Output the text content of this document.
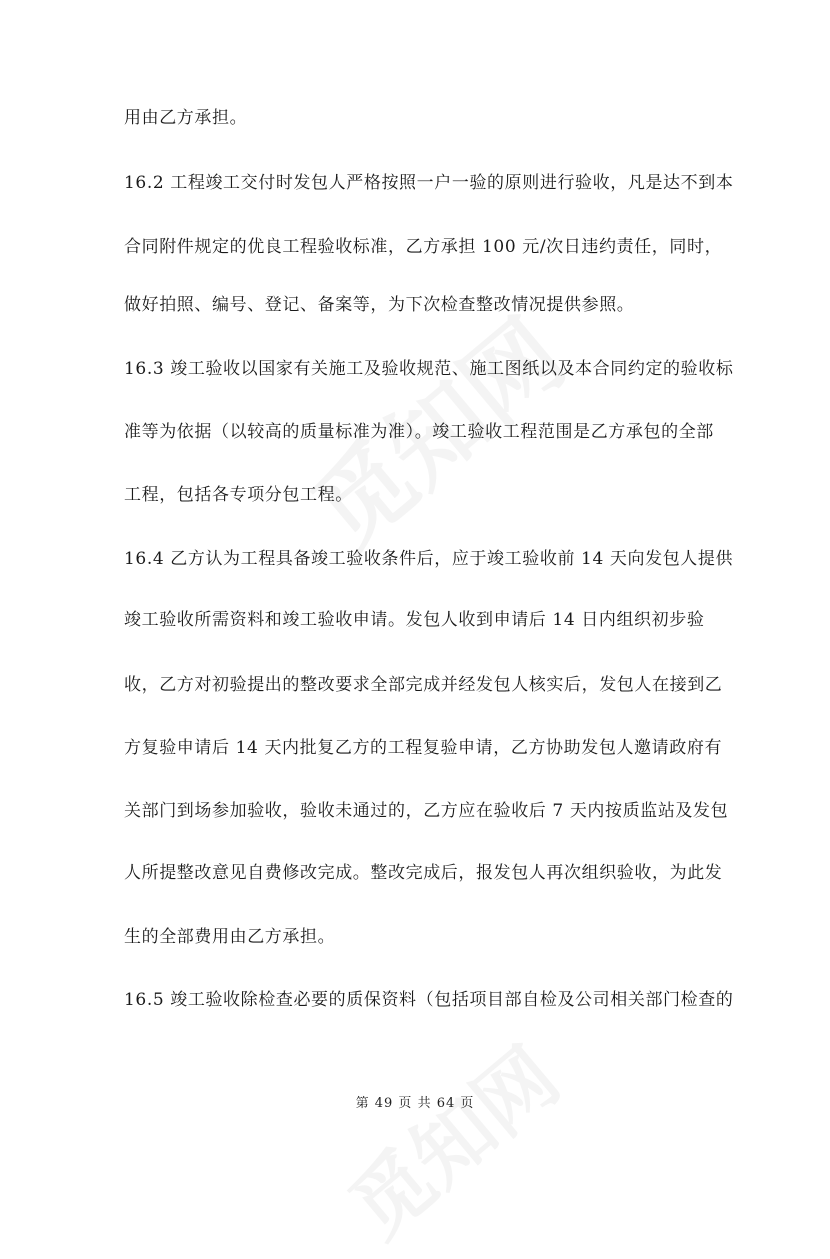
用由乙方承担。
16.2 工程竣工交付时发包人严格按照一户一验的原则进行验收，凡是达不到本
合同附件规定的优良工程验收标准，乙方承担 100 元/次日违约责任，同时，
做好拍照、编号、登记、备案等，为下次检查整改情况提供参照。
16.3 竣工验收以国家有关施工及验收规范、施工图纸以及本合同约定的验收标
准等为依据（以较高的质量标准为准）。竣工验收工程范围是乙方承包的全部
工程，包括各专项分包工程。
16.4 乙方认为工程具备竣工验收条件后，应于竣工验收前 14 天向发包人提供
竣工验收所需资料和竣工验收申请。发包人收到申请后 14 日内组织初步验
收，乙方对初验提出的整改要求全部完成并经发包人核实后，发包人在接到乙
方复验申请后 14 天内批复乙方的工程复验申请，乙方协助发包人邀请政府有
关部门到场参加验收，验收未通过的，乙方应在验收后 7 天内按质监站及发包
人所提整改意见自费修改完成。整改完成后，报发包人再次组织验收，为此发
生的全部费用由乙方承担。
16.5 竣工验收除检查必要的质保资料（包括项目部自检及公司相关部门检查的
第 49 页 共 64 页
